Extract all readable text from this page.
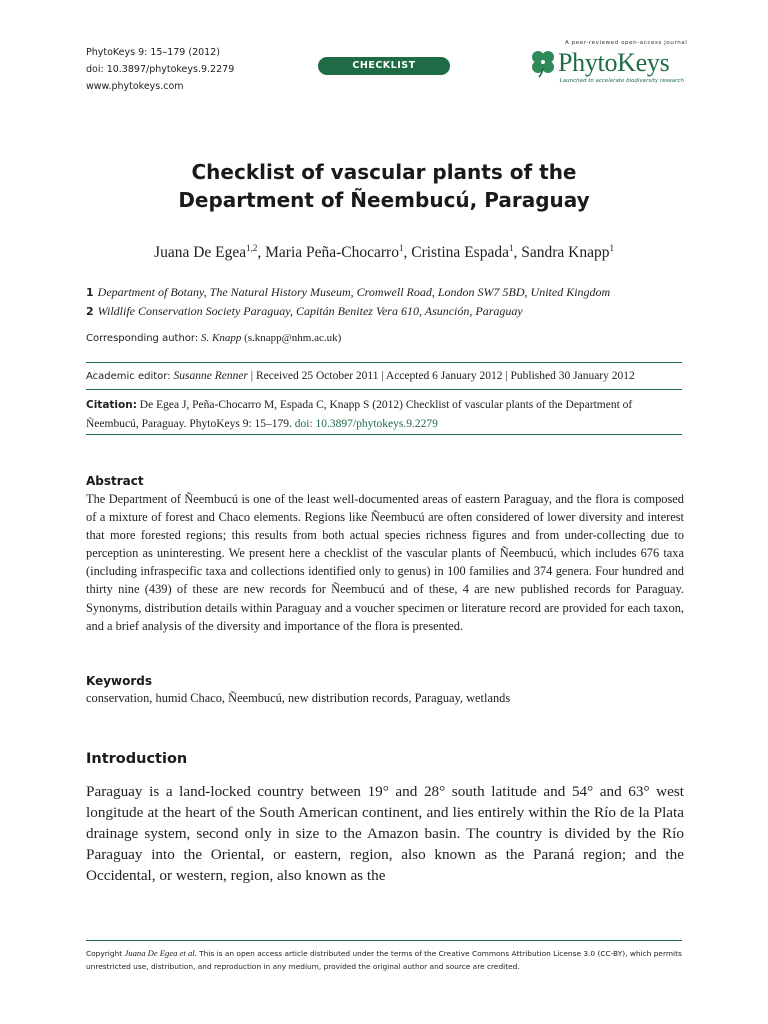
PhytoKeys 9: 15–179 (2012)
doi: 10.3897/phytokeys.9.2279
www.phytokeys.com
CHECKLIST
A peer-reviewed open-access journal
PhytoKeys
Launched to accelerate biodiversity research
Checklist of vascular plants of the
Department of Ñeembucú, Paraguay
Juana De Egea$^{1,2}$, Maria Peña-Chocarro$^1$, Cristina Espada$^1$, Sandra Knapp$^1$
1 Department of Botany, The Natural History Museum, Cromwell Road, London SW7 5BD, United Kingdom
2 Wildlife Conservation Society Paraguay, Capitán Benitez Vera 610, Asunción, Paraguay
Corresponding author: S. Knapp (s.knapp@nhm.ac.uk)
Academic editor: Susanne Renner | Received 25 October 2011 | Accepted 6 January 2012 | Published 30 January 2012
Citation: De Egea J, Peña-Chocarro M, Espada C, Knapp S (2012) Checklist of vascular plants of the Department of Ñeembucú, Paraguay. PhytoKeys 9: 15–179. doi: 10.3897/phytokeys.9.2279
Abstract
The Department of Ñeembucú is one of the least well-documented areas of eastern Paraguay, and the flora is composed of a mixture of forest and Chaco elements. Regions like Ñeembucú are often considered of lower diversity and interest that more forested regions; this results from both actual species richness figures and from under-collecting due to perception as uninteresting. We present here a checklist of the vascular plants of Ñeembucú, which includes 676 taxa (including infraspecific taxa and collections identified only to genus) in 100 families and 374 genera. Four hundred and thirty nine (439) of these are new records for Ñeembucú and of these, 4 are new published records for Paraguay. Synonyms, distribution details within Paraguay and a voucher specimen or literature record are provided for each taxon, and a brief analysis of the diversity and importance of the flora is presented.
Keywords
conservation, humid Chaco, Ñeembucú, new distribution records, Paraguay, wetlands
Introduction
Paraguay is a land-locked country between 19° and 28° south latitude and 54° and 63° west longitude at the heart of the South American continent, and lies entirely within the Río de la Plata drainage system, second only in size to the Amazon basin. The country is divided by the Río Paraguay into the Oriental, or eastern, region, also known as the Paraná region; and the Occidental, or western, region, also known as the
Copyright Juana De Egea et al. This is an open access article distributed under the terms of the Creative Commons Attribution License 3.0 (CC-BY), which permits unrestricted use, distribution, and reproduction in any medium, provided the original author and source are credited.
